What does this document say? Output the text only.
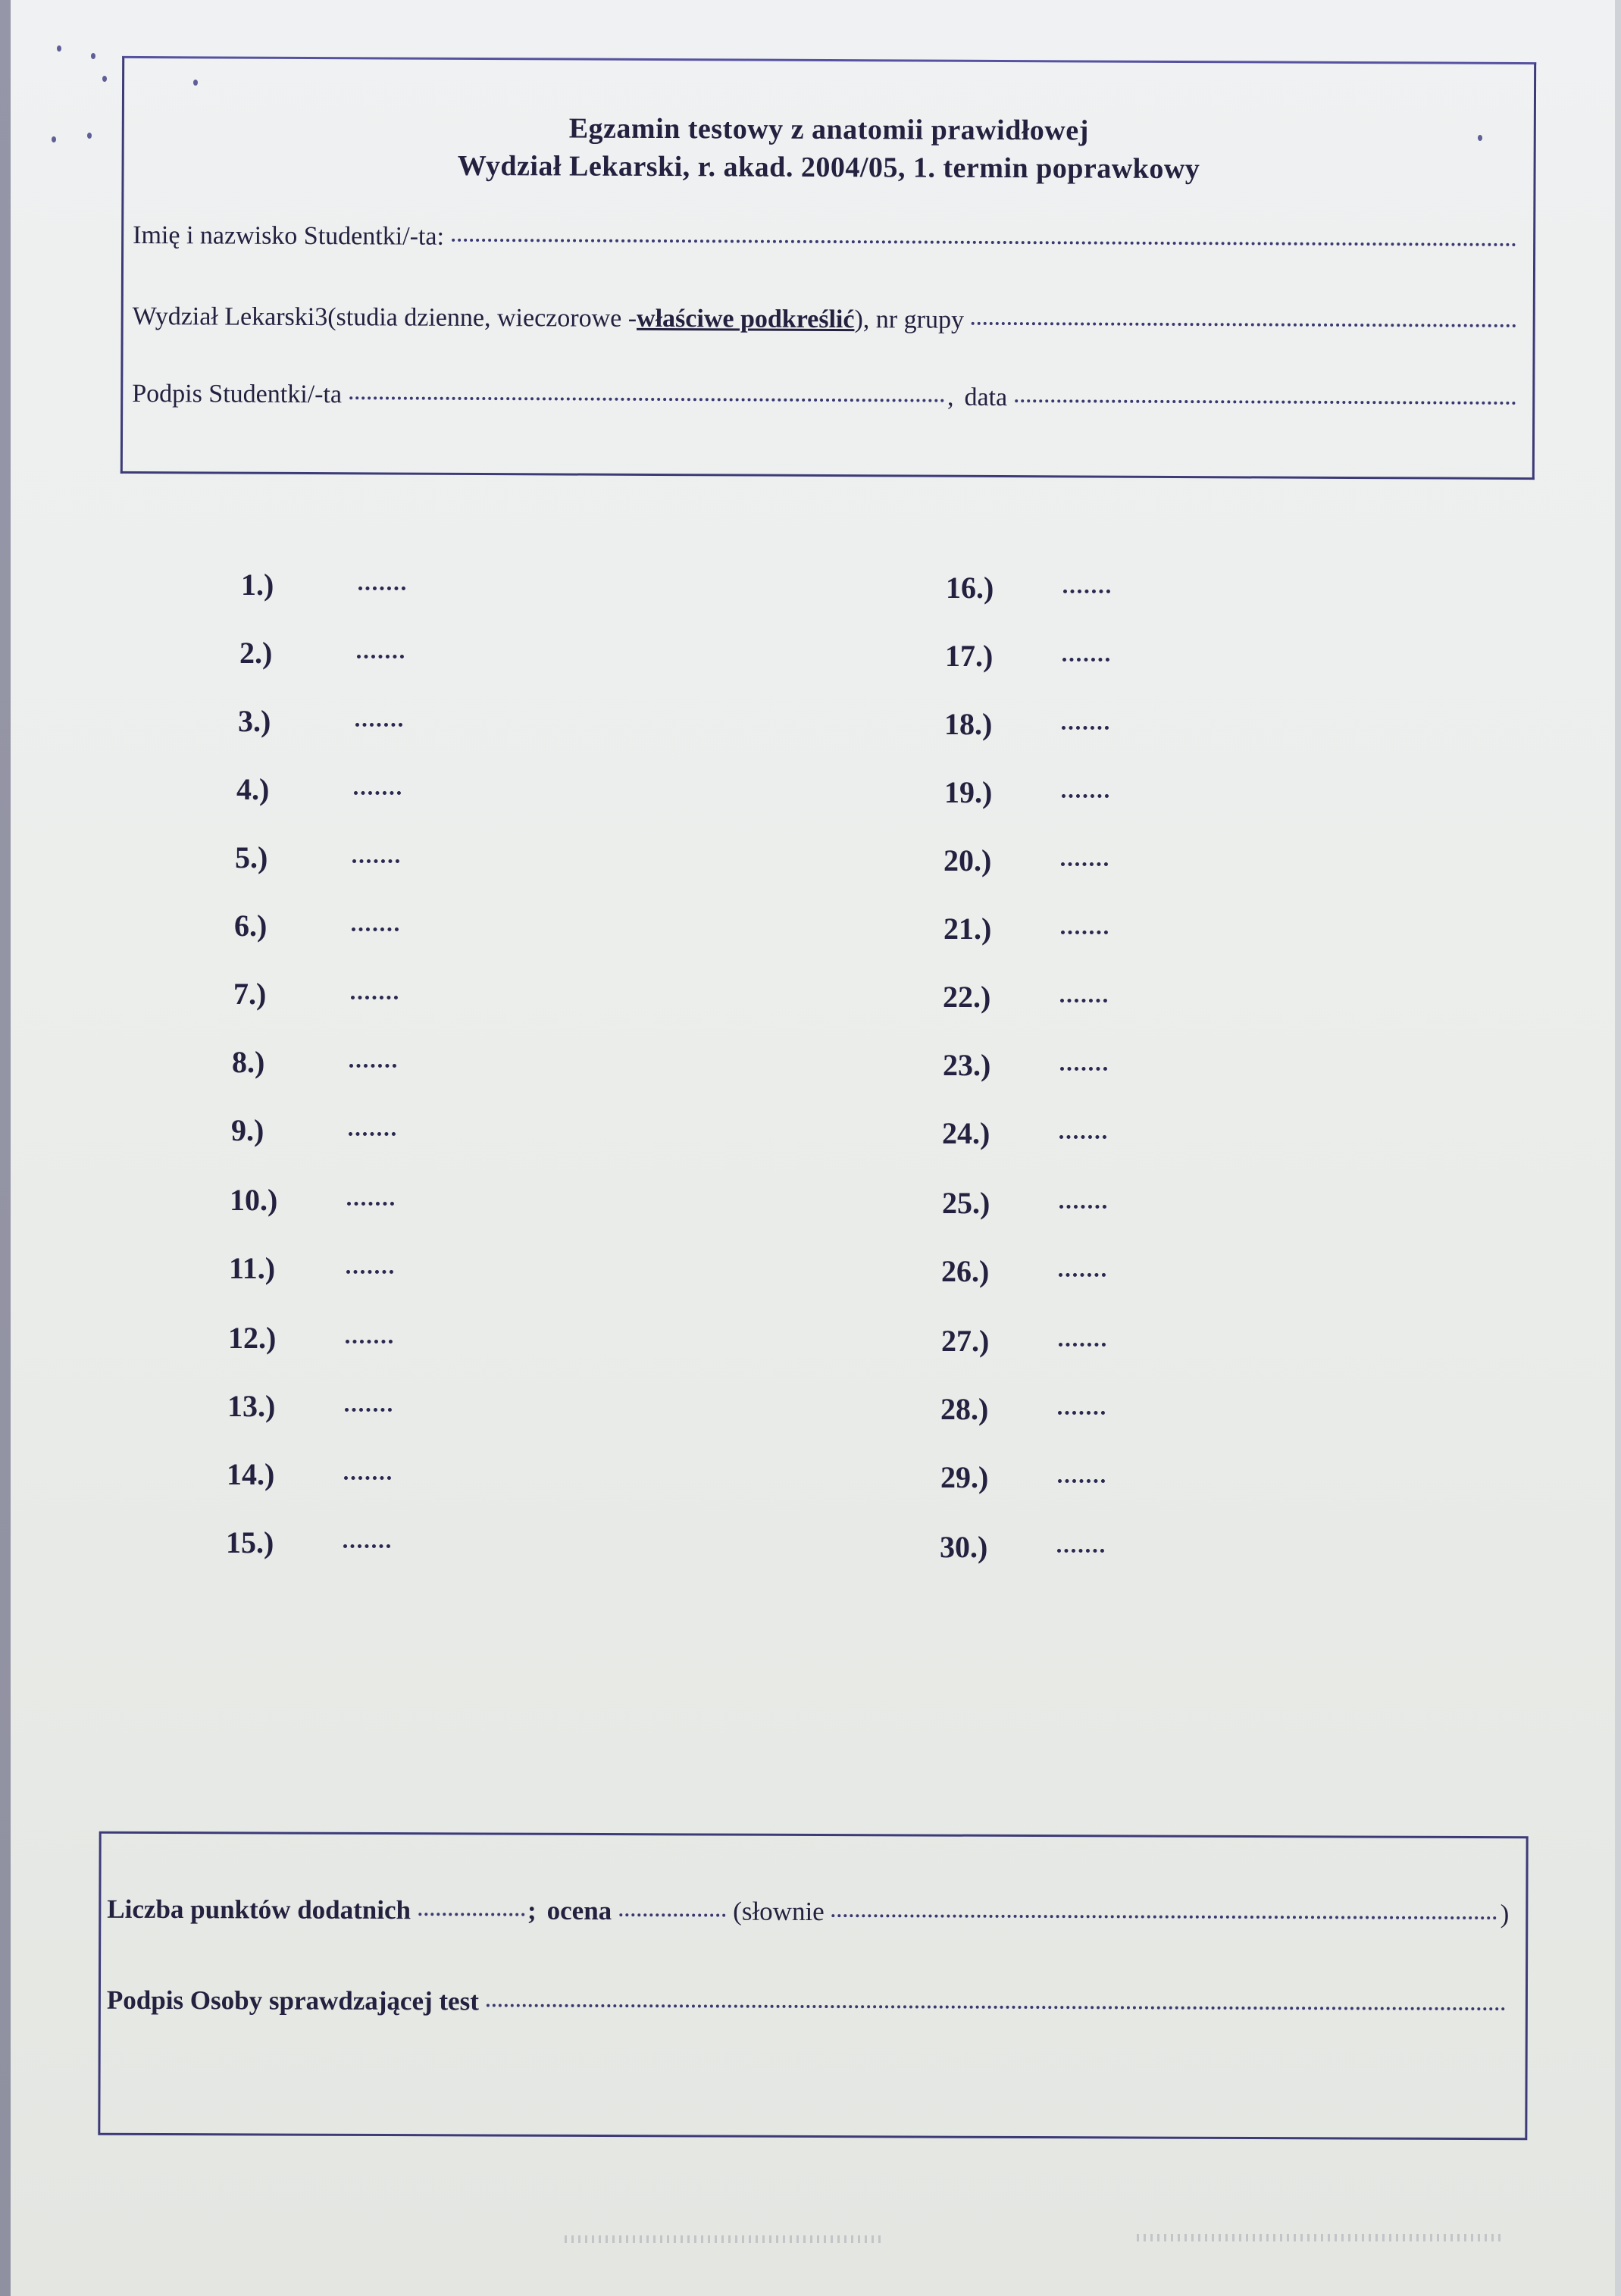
Egzamin testowy z anatomii prawidłowej
Wydział Lekarski, r. akad. 2004/05, 1. termin poprawkowy
Imię i nazwisko Studentki/-ta:
Wydział Lekarski3(studia dzienne, wieczorowe - właściwe podkreślić ), nr grupy
Podpis Studentki/-ta	, data
1.)
2.)
3.)
4.)
5.)
6.)
7.)
8.)
9.)
10.)
11.)
12.)
13.)
14.)
15.)
16.)
17.)
18.)
19.)
20.)
21.)
22.)
23.)
24.)
25.)
26.)
27.)
28.)
29.)
30.)
Liczba punktów dodatnich	; ocena	(słownie	)
Podpis Osoby sprawdzającej test
